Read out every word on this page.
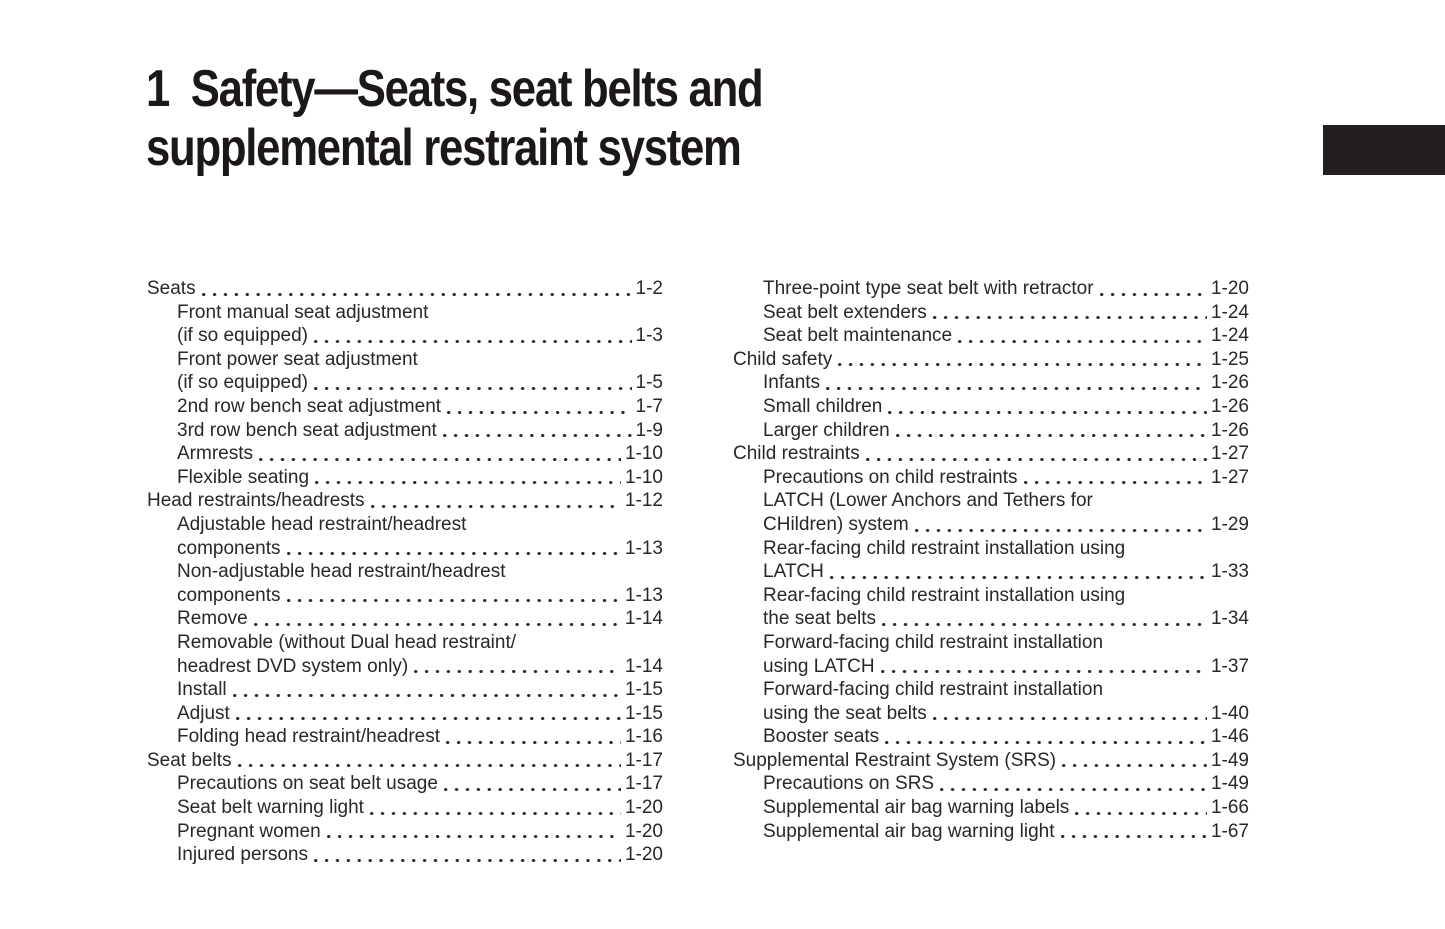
1  Safety—Seats, seat belts and
supplemental restraint system
Seats	1-2
Front manual seat adjustment
(if so equipped)	1-3
Front power seat adjustment
(if so equipped)	1-5
2nd row bench seat adjustment	1-7
3rd row bench seat adjustment	1-9
Armrests	1-10
Flexible seating	1-10
Head restraints/headrests	1-12
Adjustable head restraint/headrest
components	1-13
Non-adjustable head restraint/headrest
components	1-13
Remove	1-14
Removable (without Dual head restraint/
headrest DVD system only)	1-14
Install	1-15
Adjust	1-15
Folding head restraint/headrest	1-16
Seat belts	1-17
Precautions on seat belt usage	1-17
Seat belt warning light	1-20
Pregnant women	1-20
Injured persons	1-20
Three-point type seat belt with retractor	1-20
Seat belt extenders	1-24
Seat belt maintenance	1-24
Child safety	1-25
Infants	1-26
Small children	1-26
Larger children	1-26
Child restraints	1-27
Precautions on child restraints	1-27
LATCH (Lower Anchors and Tethers for
CHildren) system	1-29
Rear-facing child restraint installation using
LATCH	1-33
Rear-facing child restraint installation using
the seat belts	1-34
Forward-facing child restraint installation
using LATCH	1-37
Forward-facing child restraint installation
using the seat belts	1-40
Booster seats	1-46
Supplemental Restraint System (SRS)	1-49
Precautions on SRS	1-49
Supplemental air bag warning labels	1-66
Supplemental air bag warning light	1-67
